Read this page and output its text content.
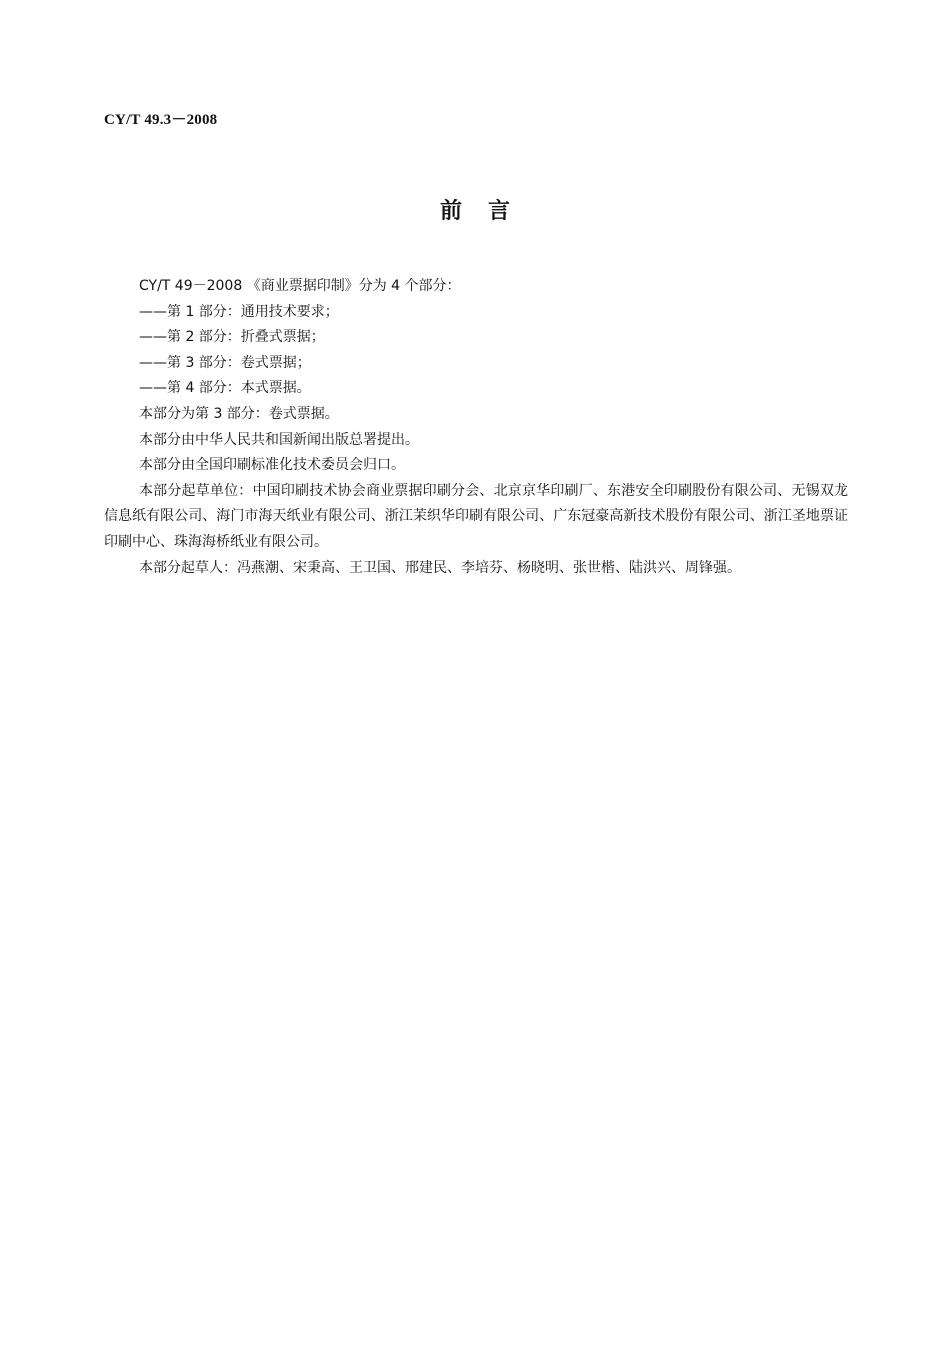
CY/T 49.3－2008
前 言

CY/T 49－2008 《商业票据印制》分为 4 个部分：

——第 1 部分：通用技术要求；

——第 2 部分：折叠式票据；

——第 3 部分：卷式票据；

——第 4 部分：本式票据。

本部分为第 3 部分：卷式票据。

本部分由中华人民共和国新闻出版总署提出。

本部分由全国印刷标准化技术委员会归口。

本部分起草单位：中国印刷技术协会商业票据印刷分会、北京京华印刷厂、东港安全印刷股份有限公司、无锡双龙信息纸有限公司、海门市海天纸业有限公司、浙江茉织华印刷有限公司、广东冠豪高新技术股份有限公司、浙江圣地票证印刷中心、珠海海桥纸业有限公司。

本部分起草人：冯燕潮、宋秉高、王卫国、邢建民、李培芬、杨晓明、张世楷、陆洪兴、周锋强。
